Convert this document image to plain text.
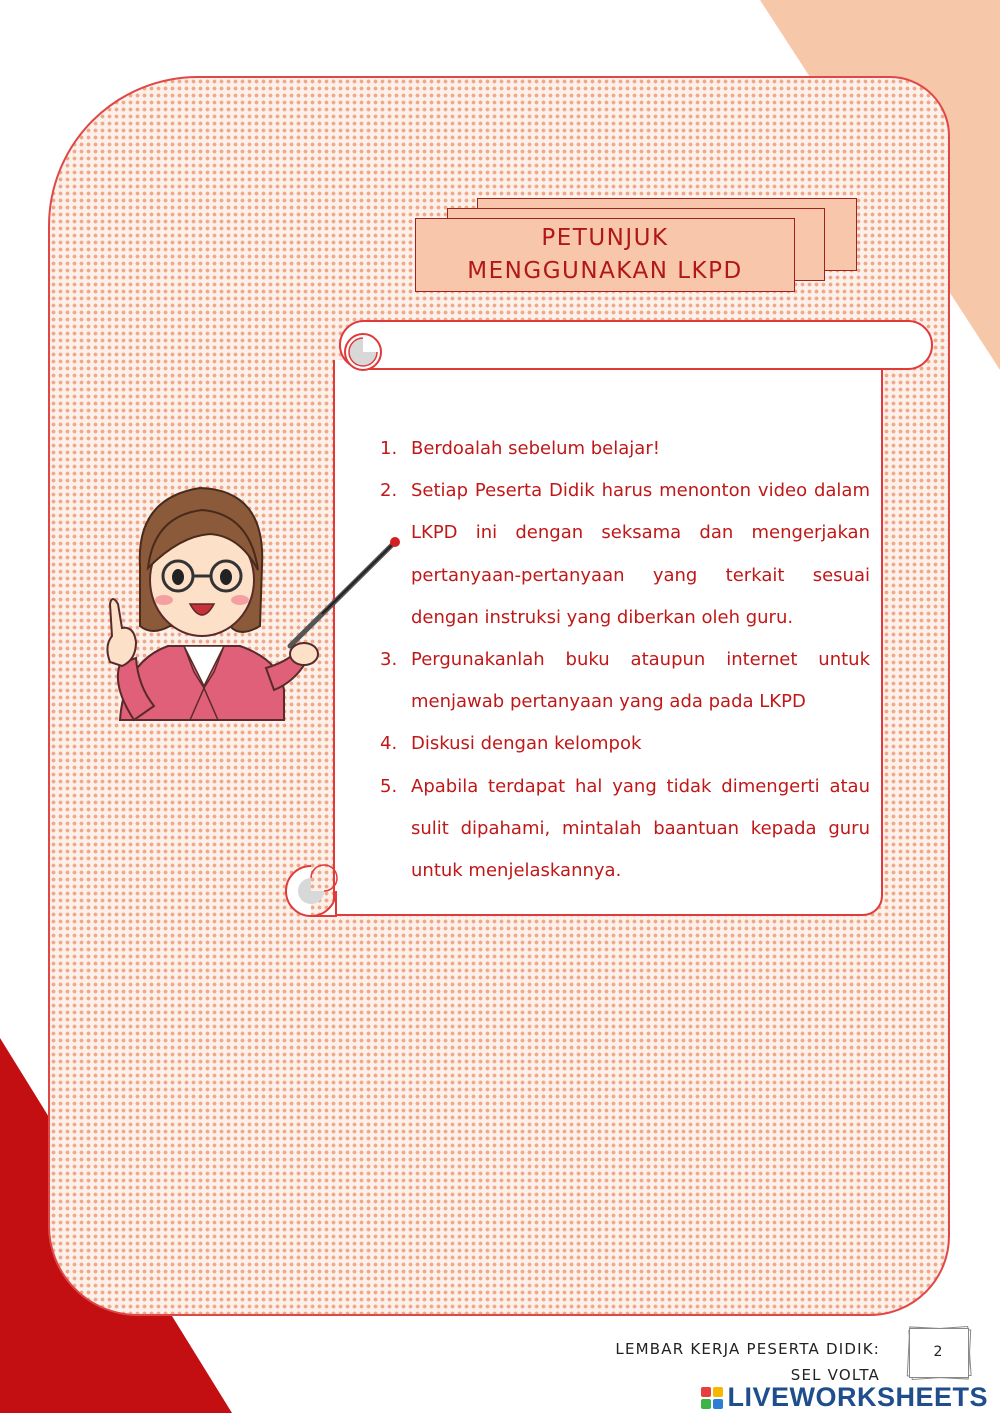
PETUNJUK
MENGGUNAKAN LKPD
1. Berdoalah sebelum belajar!
2. Setiap Peserta Didik harus menonton video dalam LKPD ini dengan seksama dan mengerjakan pertanyaan-pertanyaan yang terkait sesuai dengan instruksi yang diberkan oleh guru.
3. Pergunakanlah buku ataupun internet untuk menjawab pertanyaan yang ada pada LKPD
4. Diskusi dengan kelompok
5. Apabila terdapat hal yang tidak dimengerti atau sulit dipahami, mintalah baantuan kepada guru untuk menjelaskannya.
LEMBAR KERJA PESERTA DIDIK:
SEL VOLTA
2
LIVEWORKSHEETS
